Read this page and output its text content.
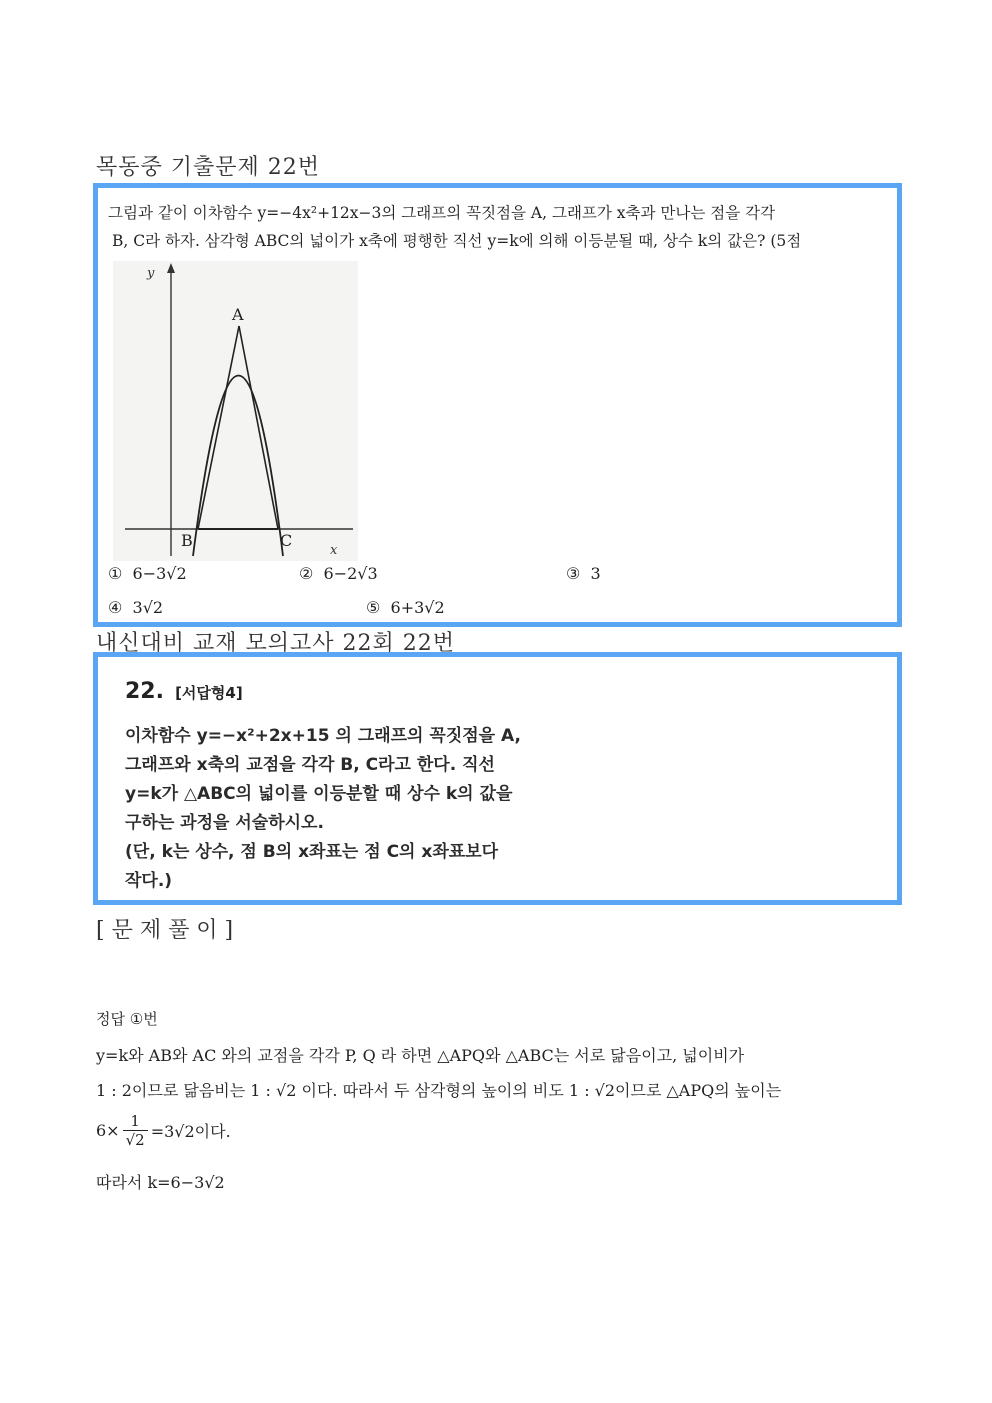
목동중 기출문제 22번
그림과 같이 이차함수 y=−4x²+12x−3의 그래프의 꼭짓점을 A, 그래프가 x축과 만나는 점을 각각
B, C라 하자. 삼각형 ABC의 넓이가 x축에 평행한 직선 y=k에 의해 이등분될 때, 상수 k의 값은? (5점
y
x
A
B	C
① 6−3√2	② 6−2√3	③ 3
④ 3√2	⑤ 6+3√2
내신대비 교재 모의고사 22회 22번
22. [서답형4]
이차함수 y=−x²+2x+15 의 그래프의 꼭짓점을 A,
그래프와 x축의 교점을 각각 B, C라고 한다. 직선
y=k가 △ABC의 넓이를 이등분할 때 상수 k의 값을
구하는 과정을 서술하시오.
(단, k는 상수, 점 B의 x좌표는 점 C의 x좌표보다
작다.)
[ 문 제 풀 이 ]
정답 ①번
y=k와 AB와 AC 와의 교점을 각각 P, Q 라 하면 △APQ와 △ABC는 서로 닮음이고, 넓이비가
1 : 2이므로 닮음비는 1 : √2 이다. 따라서 두 삼각형의 높이의 비도 1 : √2이므로 △APQ의 높이는
$6\times \frac{1}{√2} =3√2$이다.
따라서 k=6−3√2
